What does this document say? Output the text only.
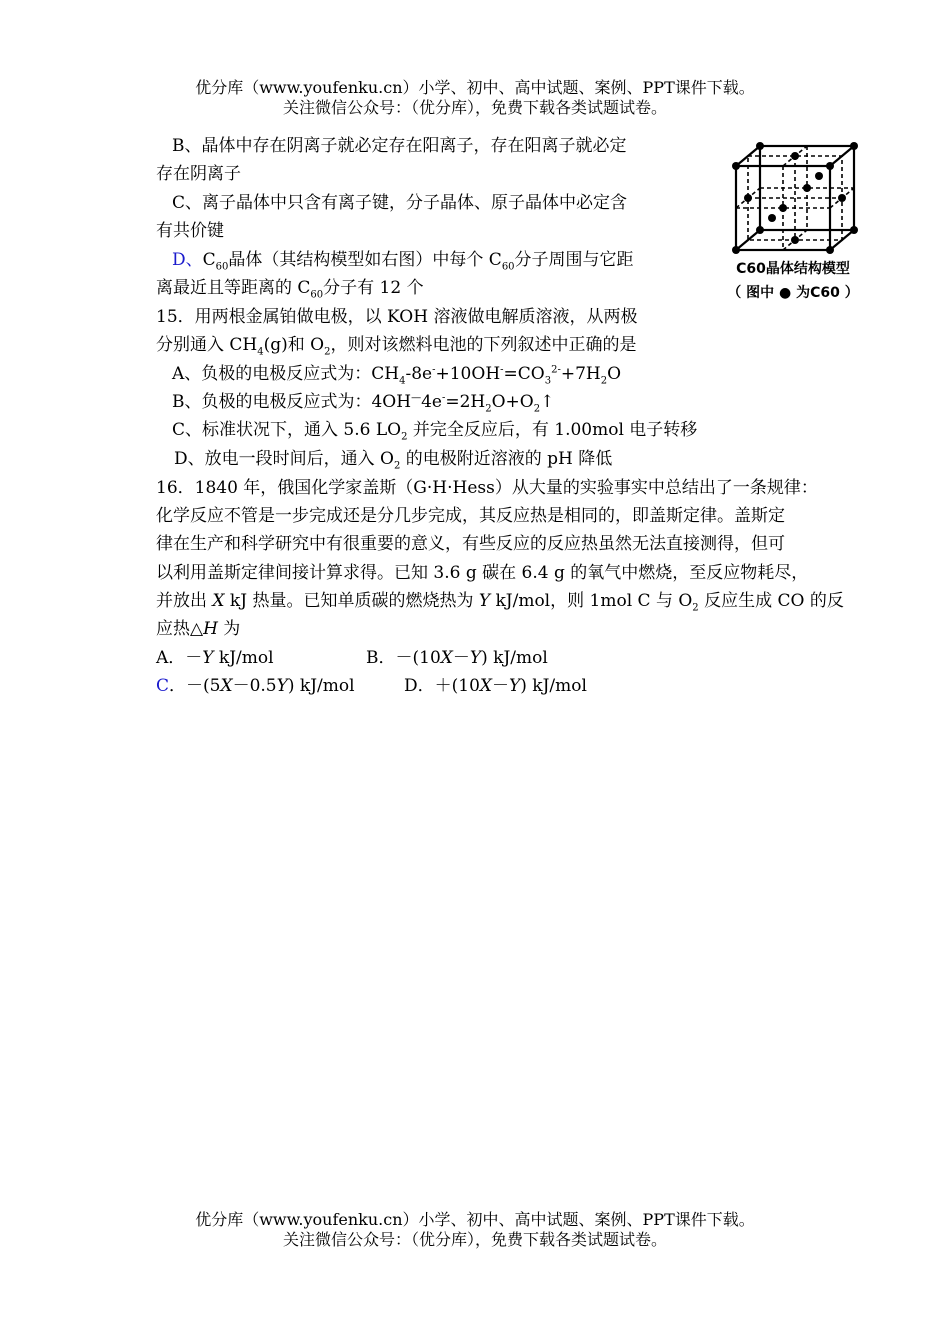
优分库（www.youfenku.cn）小学、初中、高中试题、案例、PPT课件下载。
关注微信公众号：（优分库），免费下载各类试题试卷。
B、晶体中存在阴离子就必定存在阳离子，存在阳离子就必定
存在阴离子
C、离子晶体中只含有离子键，分子晶体、原子晶体中必定含
有共价键
D、$C_{60}$晶体（其结构模型如右图）中每个 $C_{60}$分子周围与它距
离最近且等距离的 $C_{60}$分子有 12 个
C60晶体结构模型
（ 图中 ● 为C60 ）
15．用两根金属铂做电极，以 KOH 溶液做电解质溶液，从两极
分别通入 $CH_4(g)$和 $O_2$，则对该燃料电池的下列叙述中正确的是
A、负极的电极反应式为：$CH_4-8e^-+10OH^-=CO_3^{2-}+7H_2O$
B、负极的电极反应式为：$4OH^—4e^-=2H_2O+O_2↑$
C、标准状况下，通入 5.6 $LO_2$ 并完全反应后，有 1.00mol 电子转移
D、放电一段时间后，通入 $O_2$ 的电极附近溶液的 pH 降低
16．1840 年，俄国化学家盖斯（G·H·Hess）从大量的实验事实中总结出了一条规律：
化学反应不管是一步完成还是分几步完成，其反应热是相同的，即盖斯定律。盖斯定
律在生产和科学研究中有很重要的意义，有些反应的反应热虽然无法直接测得，但可
以利用盖斯定律间接计算求得。已知 3.6 g 碳在 6.4 g 的氧气中燃烧，至反应物耗尽，
并放出 X kJ 热量。已知单质碳的燃烧热为 Y kJ/mol，则 1mol C 与 $O_2$ 反应生成 CO 的反
应热△H 为
A．－Y kJ/mol	B．－(10X－Y) kJ/mol
C．－(5X－0.5Y) kJ/mol	D．＋(10X－Y) kJ/mol
优分库（www.youfenku.cn）小学、初中、高中试题、案例、PPT课件下载。
关注微信公众号：（优分库），免费下载各类试题试卷。
